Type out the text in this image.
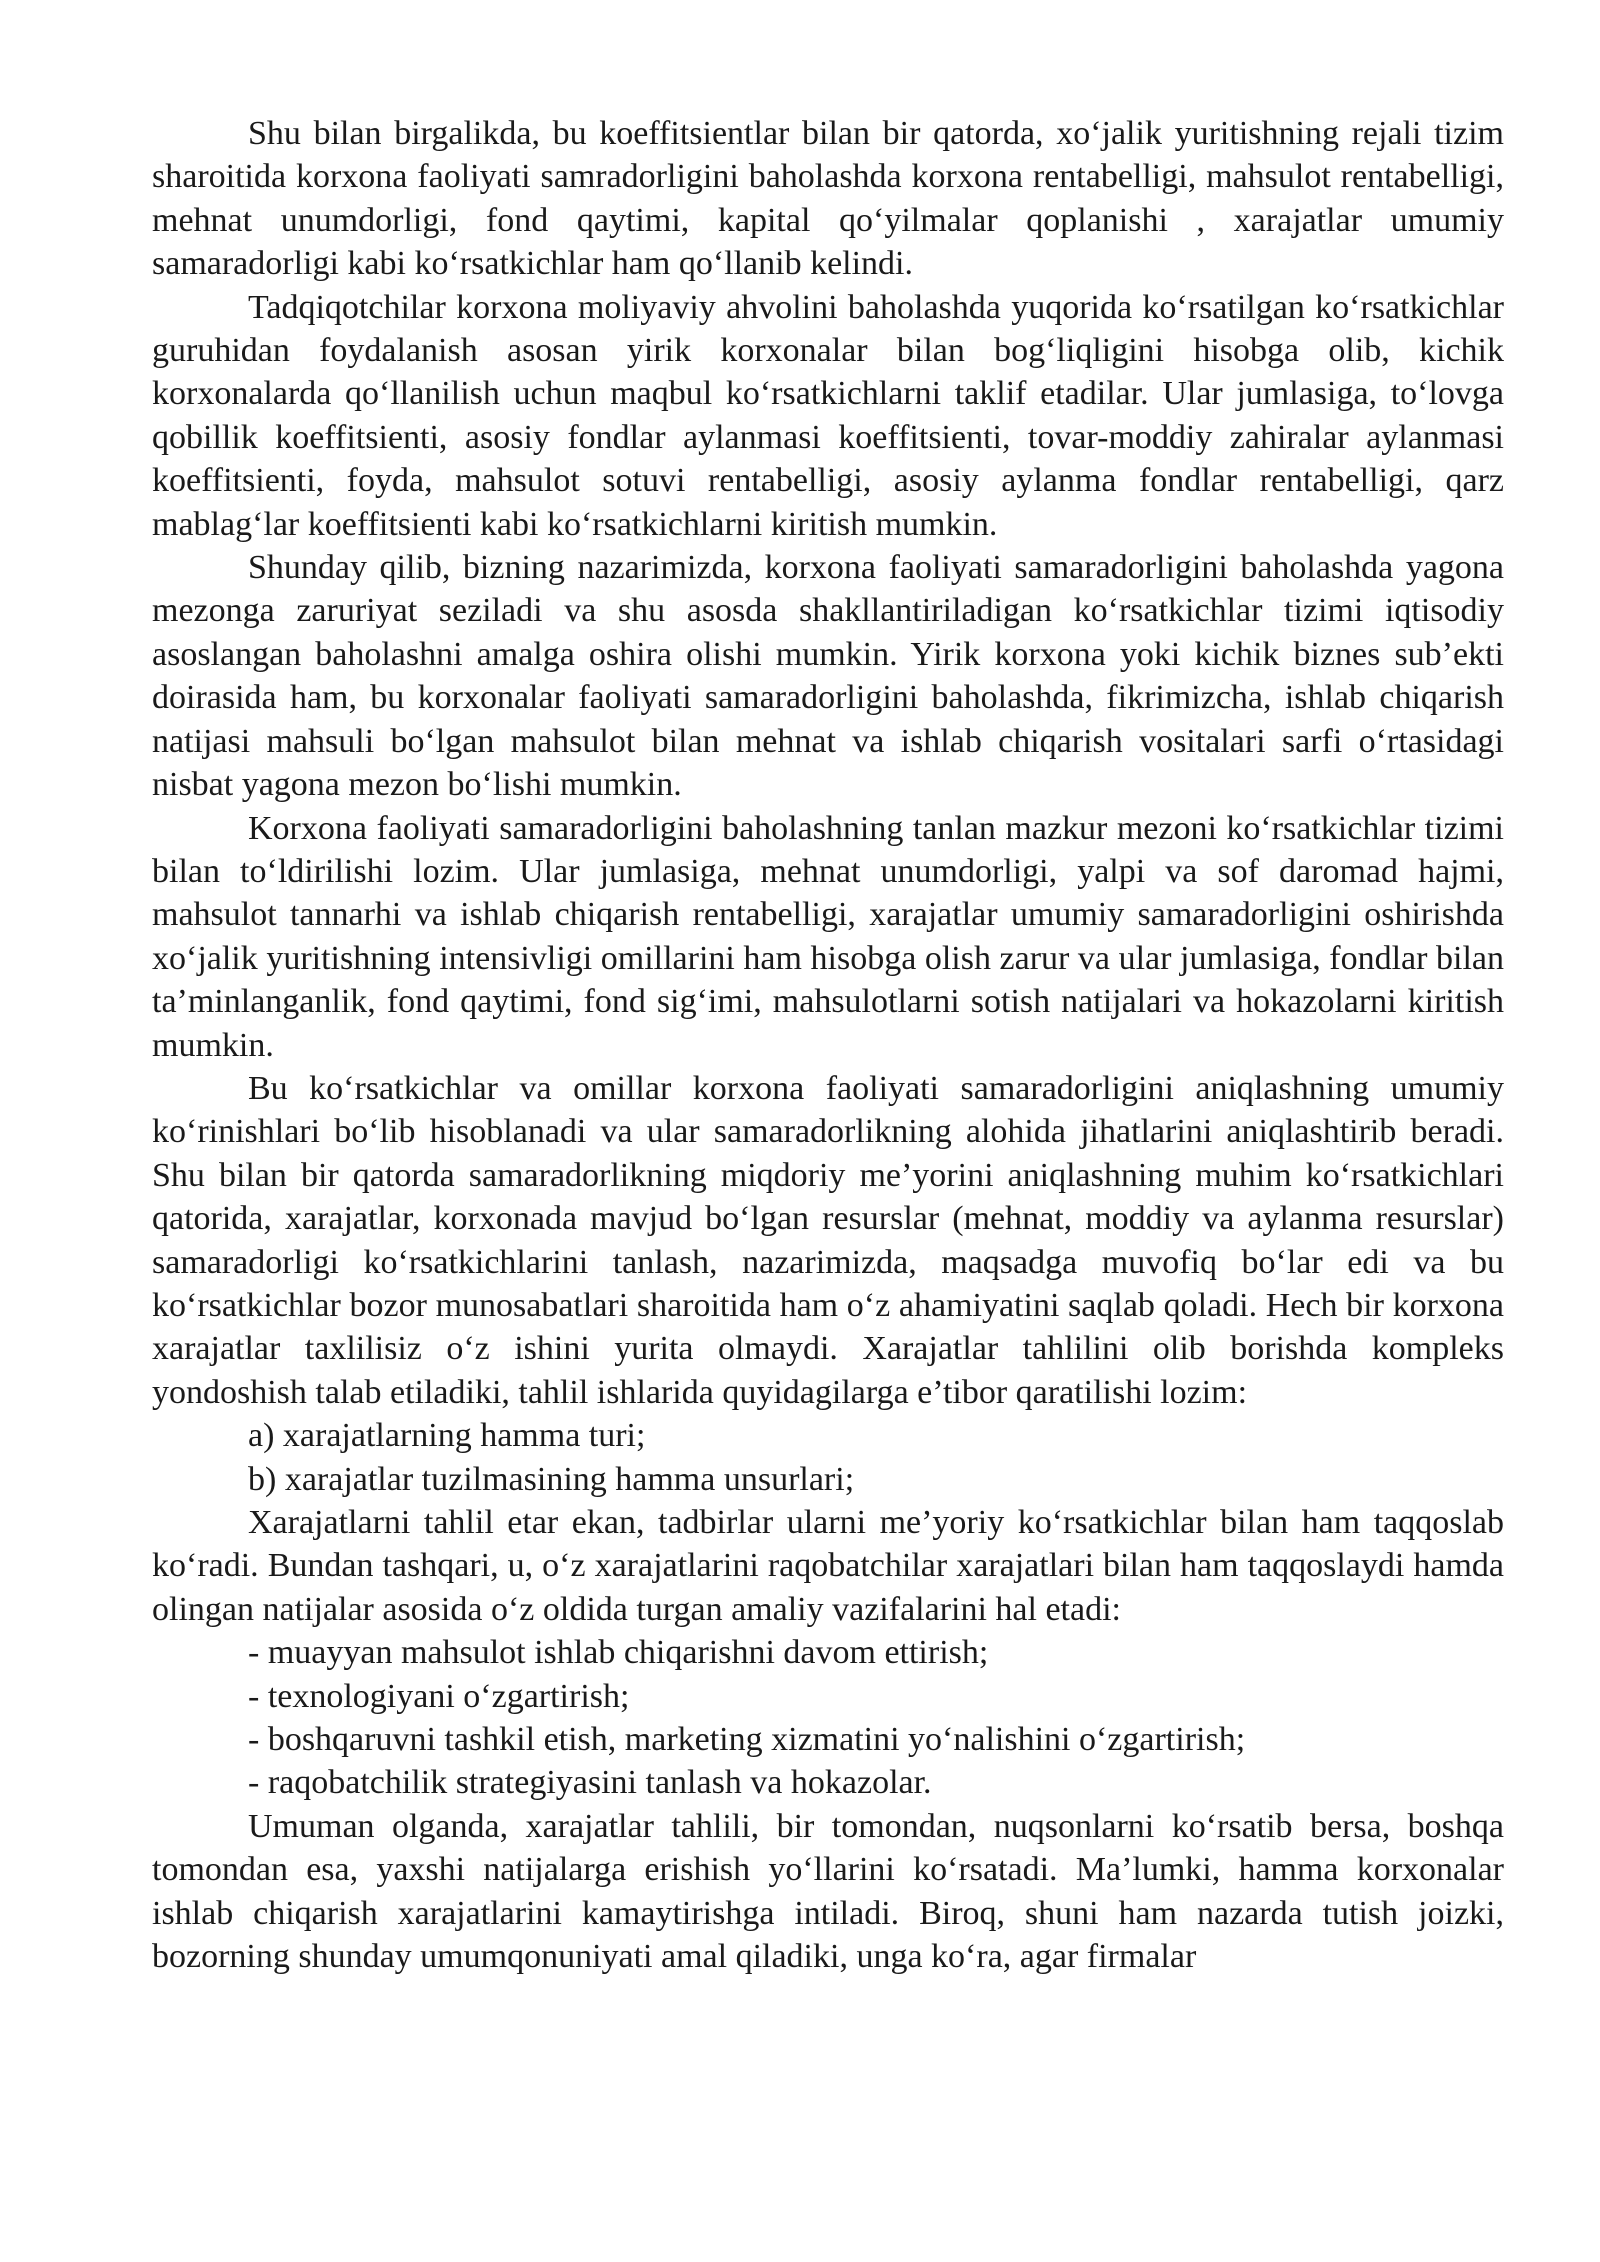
Shu bilan birgalikda, bu koeffitsientlar bilan bir qatorda, xoʻjalik yuritishning rejali tizim sharoitida korxona faoliyati samradorligini baholashda korxona rentabelligi, mahsulot rentabelligi, mehnat unumdorligi, fond qaytimi, kapital qoʻyilmalar qoplanishi , xarajatlar umumiy samaradorligi kabi koʻrsatkichlar ham qoʻllanib kelindi.

Tadqiqotchilar korxona moliyaviy ahvolini baholashda yuqorida koʻrsatilgan koʻrsatkichlar guruhidan foydalanish asosan yirik korxonalar bilan bogʻliqligini hisobga olib, kichik korxonalarda qoʻllanilish uchun maqbul koʻrsatkichlarni taklif etadilar. Ular jumlasiga, toʻlovga qobillik koeffitsienti, asosiy fondlar aylanmasi koeffitsienti, tovar-moddiy zahiralar aylanmasi koeffitsienti, foyda, mahsulot sotuvi rentabelligi, asosiy aylanma fondlar rentabelligi, qarz mablagʻlar koeffitsienti kabi koʻrsatkichlarni kiritish mumkin.

Shunday qilib, bizning nazarimizda, korxona faoliyati samaradorligini baholashda yagona mezonga zaruriyat seziladi va shu asosda shakllantiriladigan koʻrsatkichlar tizimi iqtisodiy asoslangan baholashni amalga oshira olishi mumkin. Yirik korxona yoki kichik biznes sub’ekti doirasida ham, bu korxonalar faoliyati samaradorligini baholashda, fikrimizcha, ishlab chiqarish natijasi mahsuli boʻlgan mahsulot bilan mehnat va ishlab chiqarish vositalari sarfi oʻrtasidagi nisbat yagona mezon boʻlishi mumkin.

Korxona faoliyati samaradorligini baholashning tanlan mazkur mezoni koʻrsatkichlar tizimi bilan toʻldirilishi lozim. Ular jumlasiga, mehnat unumdorligi, yalpi va sof daromad hajmi, mahsulot tannarhi va ishlab chiqarish rentabelligi, xarajatlar umumiy samaradorligini oshirishda xoʻjalik yuritishning intensivligi omillarini ham hisobga olish zarur va ular jumlasiga, fondlar bilan ta’minlanganlik, fond qaytimi, fond sigʻimi, mahsulotlarni sotish natijalari va hokazolarni kiritish mumkin.

Bu koʻrsatkichlar va omillar korxona faoliyati samaradorligini aniqlashning umumiy koʻrinishlari boʻlib hisoblanadi va ular samaradorlikning alohida jihatlarini aniqlashtirib beradi. Shu bilan bir qatorda samaradorlikning miqdoriy me’yorini aniqlashning muhim koʻrsatkichlari qatorida, xarajatlar, korxonada mavjud boʻlgan resurslar (mehnat, moddiy va aylanma resurslar) samaradorligi koʻrsatkichlarini tanlash, nazarimizda, maqsadga muvofiq boʻlar edi va bu koʻrsatkichlar bozor munosabatlari sharoitida ham oʻz ahamiyatini saqlab qoladi. Hech bir korxona xarajatlar taxlilisiz oʻz ishini yurita olmaydi. Xarajatlar tahlilini olib borishda kompleks yondoshish talab etiladiki, tahlil ishlarida quyidagilarga e’tibor qaratilishi lozim:

a) xarajatlarning hamma turi;

b) xarajatlar tuzilmasining hamma unsurlari;

Xarajatlarni tahlil etar ekan, tadbirlar ularni me’yoriy koʻrsatkichlar bilan ham taqqoslab koʻradi. Bundan tashqari, u, oʻz xarajatlarini raqobatchilar xarajatlari bilan ham taqqoslaydi hamda olingan natijalar asosida oʻz oldida turgan amaliy vazifalarini hal etadi:

- muayyan mahsulot ishlab chiqarishni davom ettirish;

- texnologiyani oʻzgartirish;

- boshqaruvni tashkil etish, marketing xizmatini yoʻnalishini oʻzgartirish;

- raqobatchilik strategiyasini tanlash va hokazolar.

Umuman olganda, xarajatlar tahlili, bir tomondan, nuqsonlarni koʻrsatib bersa, boshqa tomondan esa, yaxshi natijalarga erishish yoʻllarini koʻrsatadi. Ma’lumki, hamma korxonalar ishlab chiqarish xarajatlarini kamaytirishga intiladi. Biroq, shuni ham nazarda tutish joizki, bozorning shunday umumqonuniyati amal qiladiki, unga koʻra, agar firmalar
